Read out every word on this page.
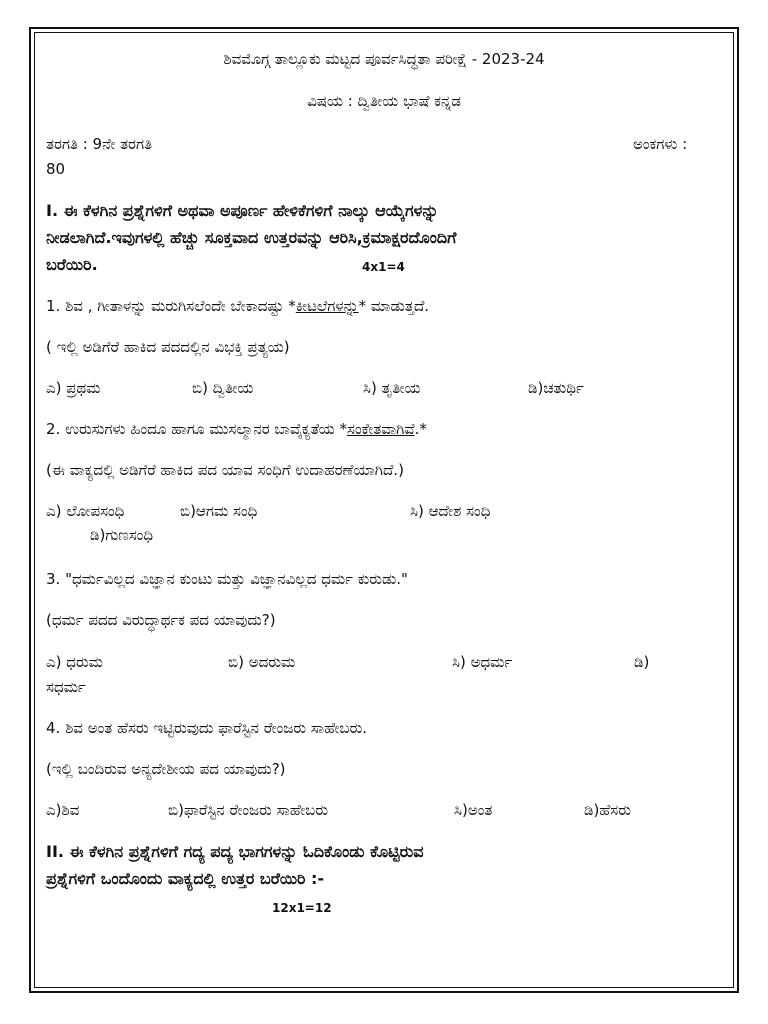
ಶಿವಮೊಗ್ಗ ತಾಲ್ಲೂಕು ಮಟ್ಟದ ಪೂರ್ವಸಿದ್ಧತಾ ಪರೀಕ್ಷೆ - 2023-24
ವಿಷಯ : ದ್ವಿತೀಯ ಭಾಷೆ ಕನ್ನಡ
ತರಗತಿ : 9ನೇ ತರಗತಿ	ಅಂಕಗಳು :
80
I. ಈ ಕೆಳಗಿನ ಪ್ರಶ್ನೆಗಳಿಗೆ ಅಥವಾ ಅಪೂರ್ಣ ಹೇಳಿಕೆಗಳಿಗೆ ನಾಲ್ಕು ಆಯ್ಕೆಗಳನ್ನು
ನೀಡಲಾಗಿದೆ.ಇವುಗಳಲ್ಲಿ ಹೆಚ್ಚು ಸೂಕ್ತವಾದ ಉತ್ತರವನ್ನು ಆರಿಸಿ,ಕ್ರಮಾಕ್ಷರದೊಂದಿಗೆ
ಬರೆಯಿರಿ.	4x1=4
1. ಶಿವ , ಗೀತಾಳನ್ನು ಮರುಗಿಸಲೆಂದೇ ಬೇಕಾದಷ್ಟು *ಕೀಟಲೆಗಳನ್ನು* ಮಾಡುತ್ತದೆ.
( ಇಲ್ಲಿ ಅಡಿಗೆರೆ ಹಾಕಿದ ಪದದಲ್ಲಿನ ವಿಭಕ್ತಿ ಪ್ರತ್ಯಯ)
ಎ) ಪ್ರಥಮ	ಬಿ) ದ್ವಿತೀಯ	ಸಿ) ತೃತೀಯ	ಡಿ)ಚತುರ್ಥಿ
2. ಉರುಸುಗಳು ಹಿಂದೂ ಹಾಗೂ ಮುಸಲ್ಮಾನರ ಬಾವೈಕ್ಯತೆಯ *ಸಂಕೇತವಾಗಿವೆ.*
(ಈ ವಾಕ್ಯದಲ್ಲಿ ಅಡಿಗೆರೆ ಹಾಕಿದ ಪದ ಯಾವ ಸಂಧಿಗೆ ಉದಾಹರಣೆಯಾಗಿದೆ.)
ಎ) ಲೋಪಸಂಧಿ	ಬಿ)ಆಗಮ ಸಂಧಿ	ಸಿ) ಆದೇಶ ಸಂಧಿ
ಡಿ)ಗುಣಸಂಧಿ
3. "ಧರ್ಮವಿಲ್ಲದ ವಿಜ್ಞಾನ ಕುಂಟು ಮತ್ತು ವಿಜ್ಞಾನವಿಲ್ಲದ ಧರ್ಮ ಕುರುಡು."
(ಧರ್ಮ ಪದದ ವಿರುದ್ಧಾರ್ಥಕ ಪದ ಯಾವುದು?)
ಎ) ಧರುಮ	ಬಿ) ಅದರುಮ	ಸಿ) ಅಧರ್ಮ	ಡಿ)
ಸಧರ್ಮ
4. ಶಿವ ಅಂತ ಹೆಸರು ಇಟ್ಟಿರುವುದು ಫಾರೆಸ್ಟಿನ ರೇಂಜರು ಸಾಹೇಬರು.
(ಇಲ್ಲಿ ಬಂದಿರುವ ಅನ್ಯದೇಶೀಯ ಪದ ಯಾವುದು?)
ಎ)ಶಿವ	ಬಿ)ಫಾರೆಸ್ಟಿನ ರೇಂಜರು ಸಾಹೇಬರು	ಸಿ)ಅಂತ	ಡಿ)ಹೆಸರು
II. ಈ ಕೆಳಗಿನ ಪ್ರಶ್ನೆಗಳಿಗೆ ಗದ್ಯ ಪದ್ಯ ಭಾಗಗಳನ್ನು ಓದಿಕೊಂಡು ಕೊಟ್ಟಿರುವ
ಪ್ರಶ್ನೆಗಳಿಗೆ ಒಂದೊಂದು ವಾಕ್ಯದಲ್ಲಿ ಉತ್ತರ ಬರೆಯಿರಿ :-
12x1=12
